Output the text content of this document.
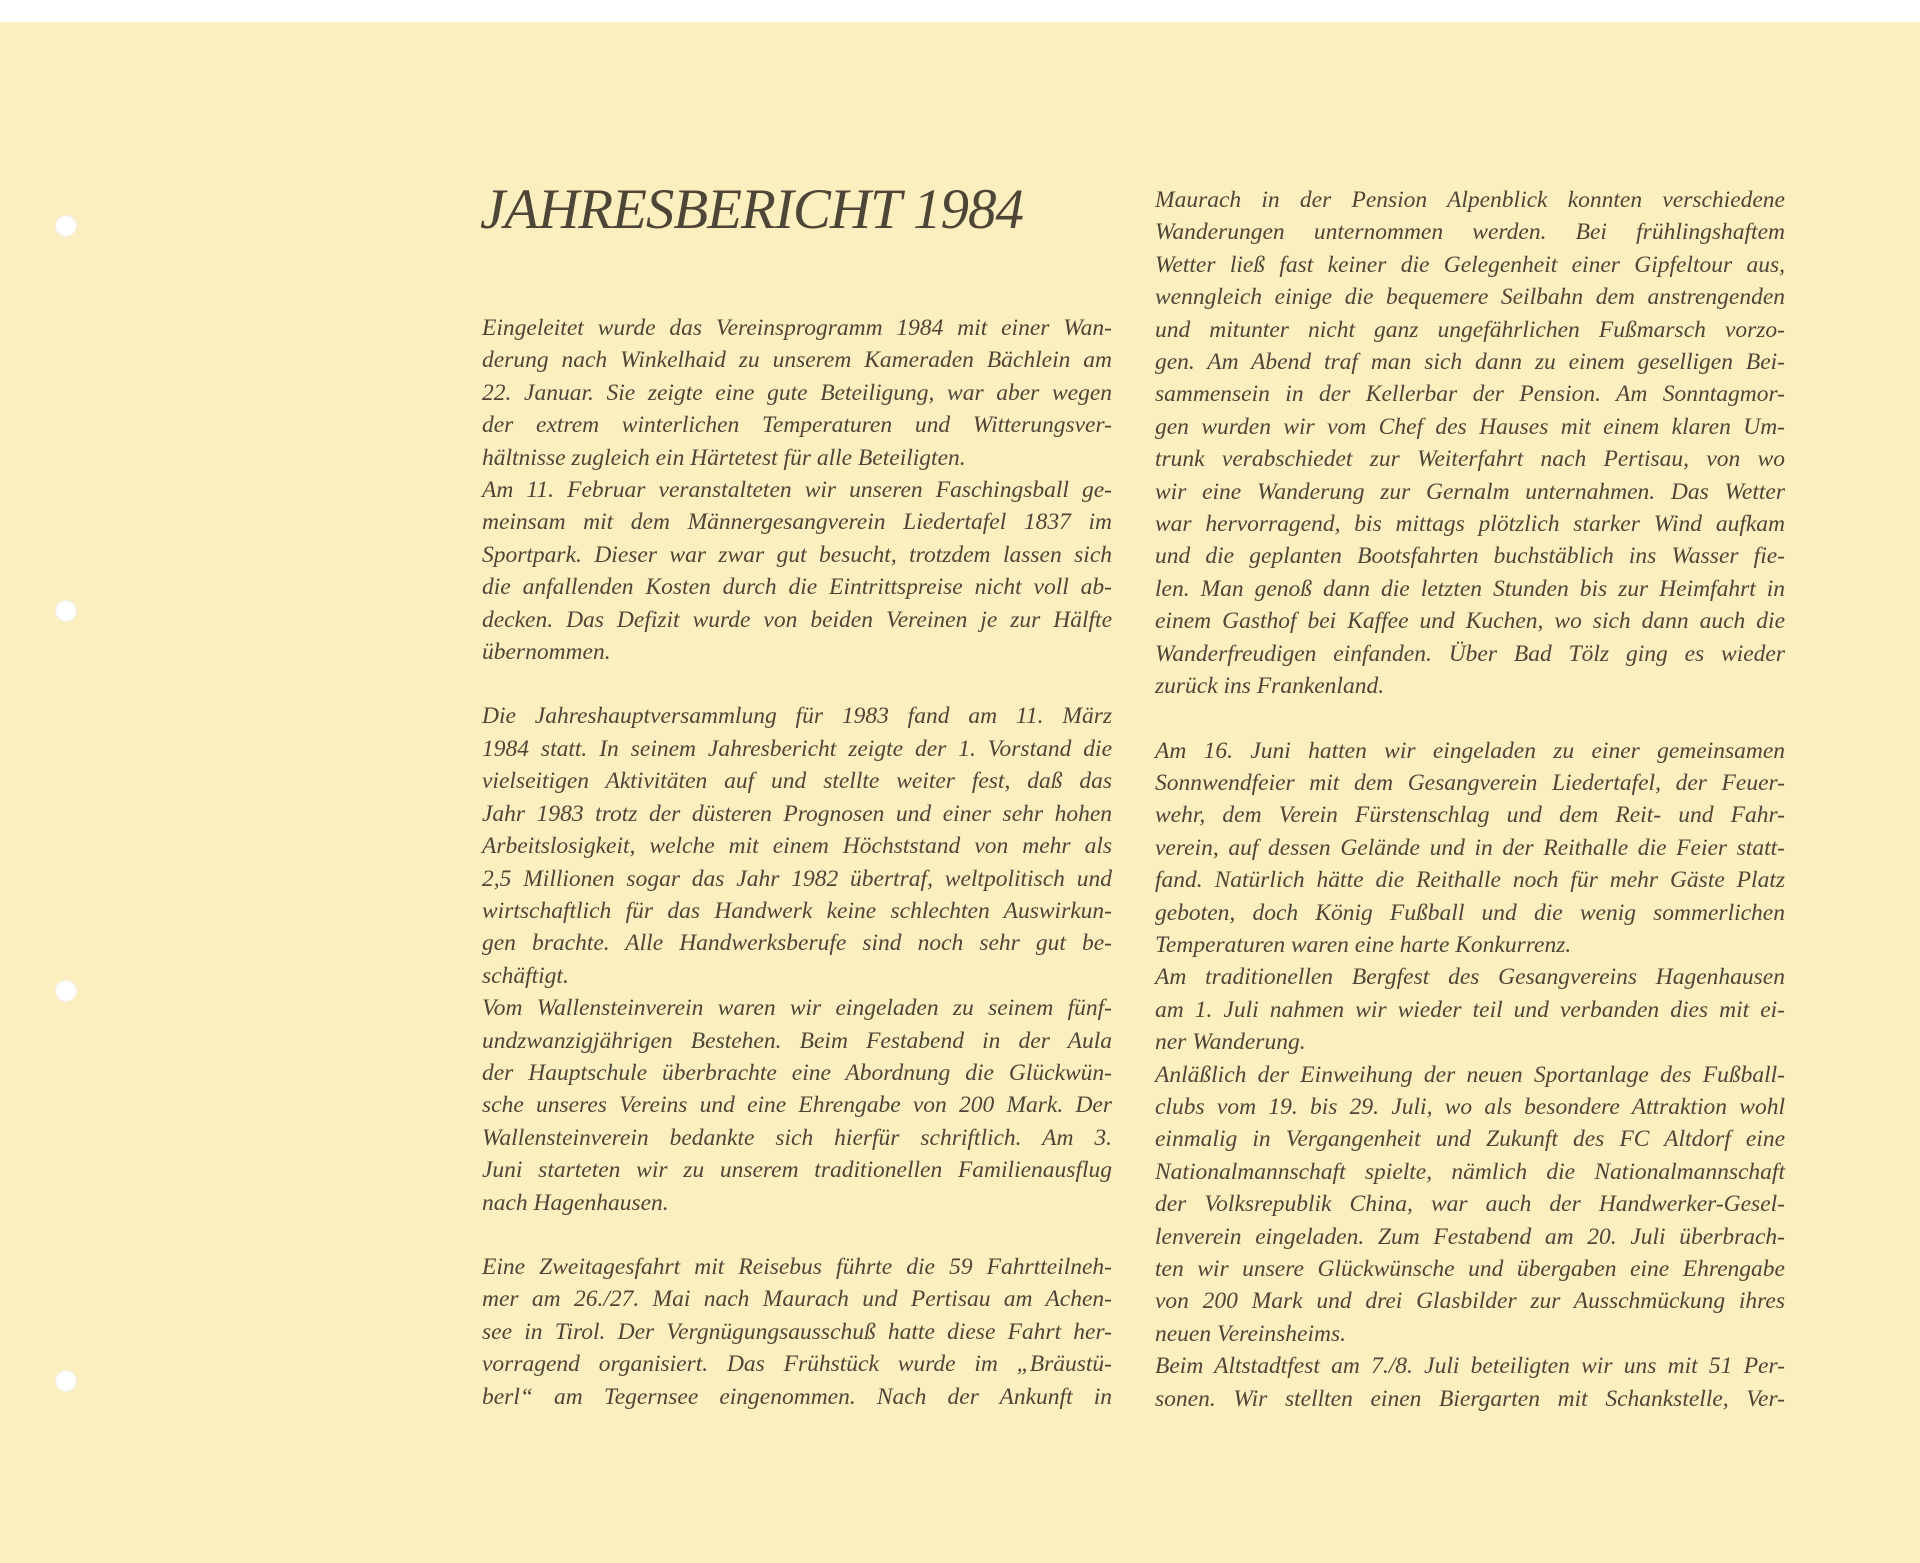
JAHRESBERICHT 1984

Eingeleitet wurde das Vereinsprogramm 1984 mit einer Wan-

derung nach Winkelhaid zu unserem Kameraden Bächlein am

22. Januar. Sie zeigte eine gute Beteiligung, war aber wegen

der extrem winterlichen Temperaturen und Witterungsver-

hältnisse zugleich ein Härtetest für alle Beteiligten.

Am 11. Februar veranstalteten wir unseren Faschingsball ge-

meinsam mit dem Männergesangverein Liedertafel 1837 im

Sportpark. Dieser war zwar gut besucht, trotzdem lassen sich

die anfallenden Kosten durch die Eintrittspreise nicht voll ab-

decken. Das Defizit wurde von beiden Vereinen je zur Hälfte

übernommen.

Die Jahreshauptversammlung für 1983 fand am 11. März

1984 statt. In seinem Jahresbericht zeigte der 1. Vorstand die

vielseitigen Aktivitäten auf und stellte weiter fest, daß das

Jahr 1983 trotz der düsteren Prognosen und einer sehr hohen

Arbeitslosigkeit, welche mit einem Höchststand von mehr als

2,5 Millionen sogar das Jahr 1982 übertraf, weltpolitisch und

wirtschaftlich für das Handwerk keine schlechten Auswirkun-

gen brachte. Alle Handwerksberufe sind noch sehr gut be-

schäftigt.

Vom Wallensteinverein waren wir eingeladen zu seinem fünf-

undzwanzigjährigen Bestehen. Beim Festabend in der Aula

der Hauptschule überbrachte eine Abordnung die Glückwün-

sche unseres Vereins und eine Ehrengabe von 200 Mark. Der

Wallensteinverein bedankte sich hierfür schriftlich. Am 3.

Juni starteten wir zu unserem traditionellen Familienausflug

nach Hagenhausen.

Eine Zweitagesfahrt mit Reisebus führte die 59 Fahrtteilneh-

mer am 26./27. Mai nach Maurach und Pertisau am Achen-

see in Tirol. Der Vergnügungsausschuß hatte diese Fahrt her-

vorragend organisiert. Das Frühstück wurde im „Bräustü-

berl“ am Tegernsee eingenommen. Nach der Ankunft in

Maurach in der Pension Alpenblick konnten verschiedene

Wanderungen unternommen werden. Bei frühlingshaftem

Wetter ließ fast keiner die Gelegenheit einer Gipfeltour aus,

wenngleich einige die bequemere Seilbahn dem anstrengenden

und mitunter nicht ganz ungefährlichen Fußmarsch vorzo-

gen. Am Abend traf man sich dann zu einem geselligen Bei-

sammensein in der Kellerbar der Pension. Am Sonntagmor-

gen wurden wir vom Chef des Hauses mit einem klaren Um-

trunk verabschiedet zur Weiterfahrt nach Pertisau, von wo

wir eine Wanderung zur Gernalm unternahmen. Das Wetter

war hervorragend, bis mittags plötzlich starker Wind aufkam

und die geplanten Bootsfahrten buchstäblich ins Wasser fie-

len. Man genoß dann die letzten Stunden bis zur Heimfahrt in

einem Gasthof bei Kaffee und Kuchen, wo sich dann auch die

Wanderfreudigen einfanden. Über Bad Tölz ging es wieder

zurück ins Frankenland.

Am 16. Juni hatten wir eingeladen zu einer gemeinsamen

Sonnwendfeier mit dem Gesangverein Liedertafel, der Feuer-

wehr, dem Verein Fürstenschlag und dem Reit- und Fahr-

verein, auf dessen Gelände und in der Reithalle die Feier statt-

fand. Natürlich hätte die Reithalle noch für mehr Gäste Platz

geboten, doch König Fußball und die wenig sommerlichen

Temperaturen waren eine harte Konkurrenz.

Am traditionellen Bergfest des Gesangvereins Hagenhausen

am 1. Juli nahmen wir wieder teil und verbanden dies mit ei-

ner Wanderung.

Anläßlich der Einweihung der neuen Sportanlage des Fußball-

clubs vom 19. bis 29. Juli, wo als besondere Attraktion wohl

einmalig in Vergangenheit und Zukunft des FC Altdorf eine

Nationalmannschaft spielte, nämlich die Nationalmannschaft

der Volksrepublik China, war auch der Handwerker-Gesel-

lenverein eingeladen. Zum Festabend am 20. Juli überbrach-

ten wir unsere Glückwünsche und übergaben eine Ehrengabe

von 200 Mark und drei Glasbilder zur Ausschmückung ihres

neuen Vereinsheims.

Beim Altstadtfest am 7./8. Juli beteiligten wir uns mit 51 Per-

sonen. Wir stellten einen Biergarten mit Schankstelle, Ver-
